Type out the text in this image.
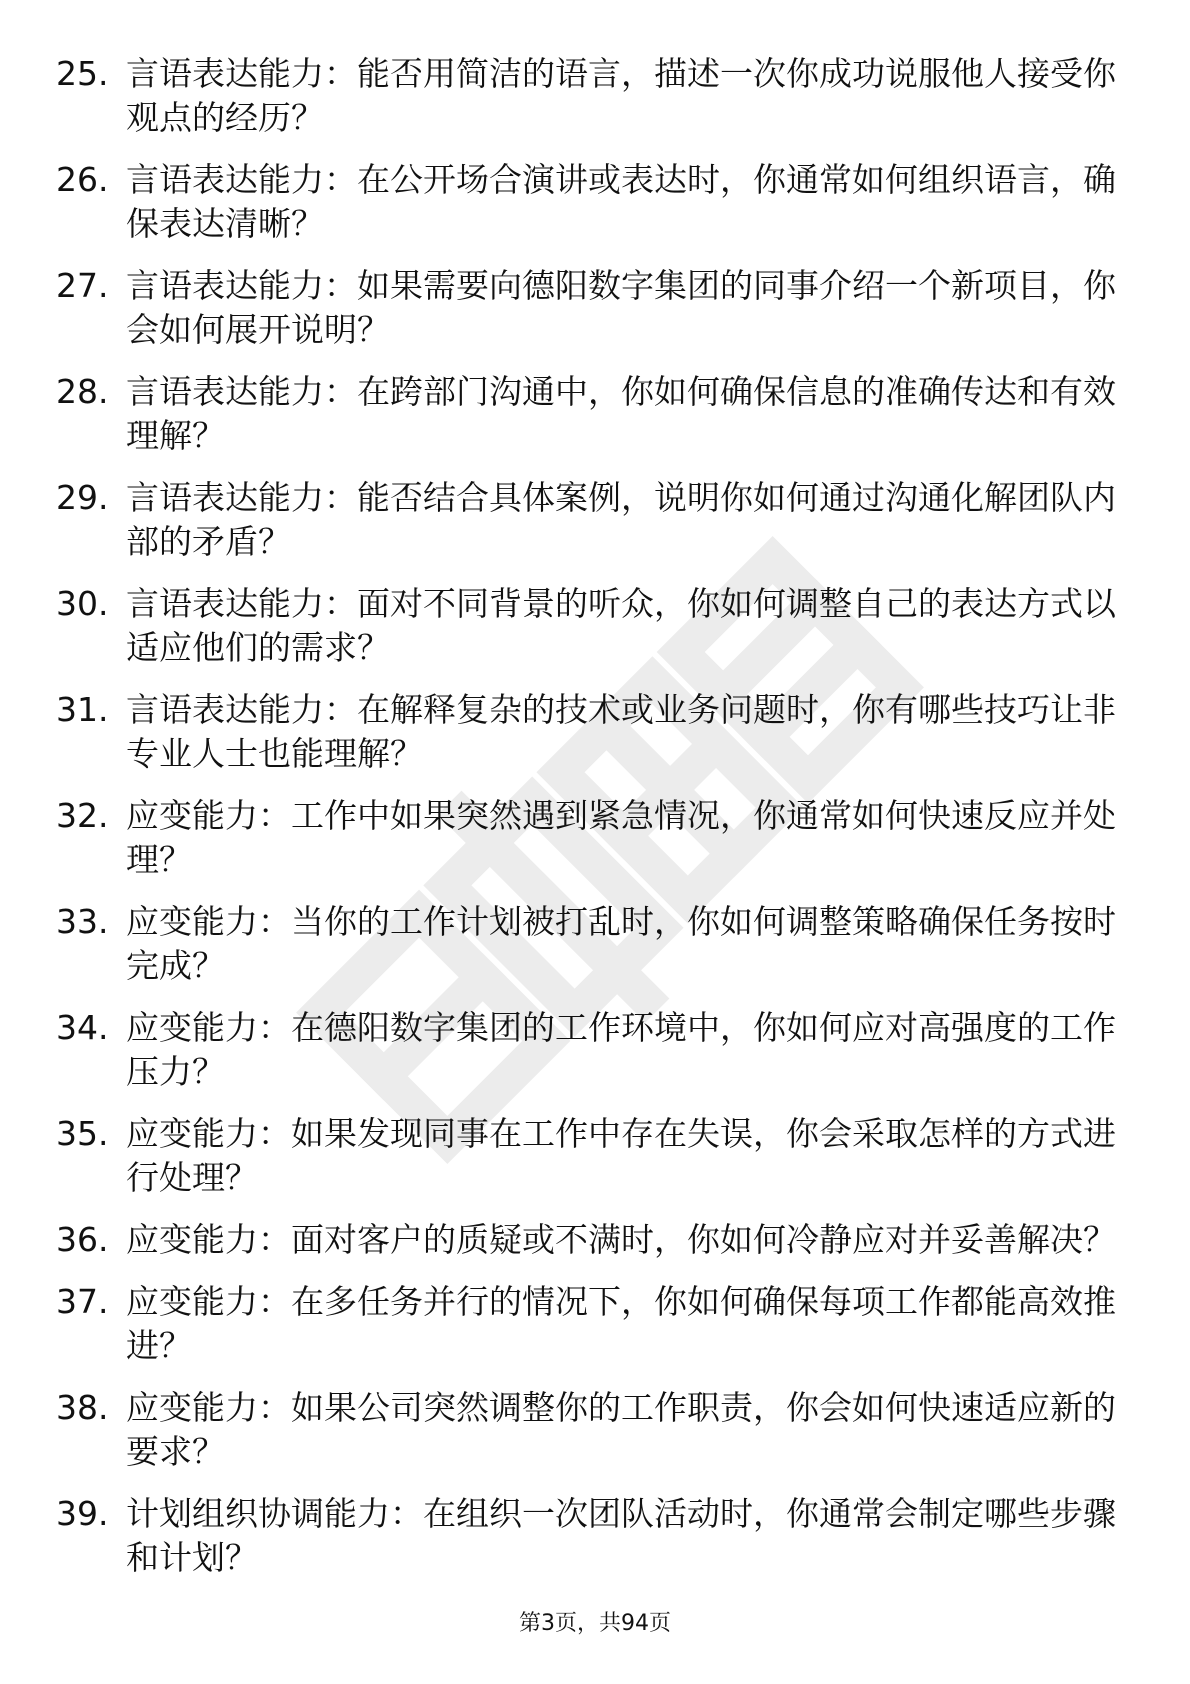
25. 言语表达能力：能否用简洁的语言，描述一次你成功说服他人接受你观点的经历？
26. 言语表达能力：在公开场合演讲或表达时，你通常如何组织语言，确保表达清晰？
27. 言语表达能力：如果需要向德阳数字集团的同事介绍一个新项目，你会如何展开说明？
28. 言语表达能力：在跨部门沟通中，你如何确保信息的准确传达和有效理解？
29. 言语表达能力：能否结合具体案例，说明你如何通过沟通化解团队内部的矛盾？
30. 言语表达能力：面对不同背景的听众，你如何调整自己的表达方式以适应他们的需求？
31. 言语表达能力：在解释复杂的技术或业务问题时，你有哪些技巧让非专业人士也能理解？
32. 应变能力：工作中如果突然遇到紧急情况，你通常如何快速反应并处理？
33. 应变能力：当你的工作计划被打乱时，你如何调整策略确保任务按时完成？
34. 应变能力：在德阳数字集团的工作环境中，你如何应对高强度的工作压力？
35. 应变能力：如果发现同事在工作中存在失误，你会采取怎样的方式进行处理？
36. 应变能力：面对客户的质疑或不满时，你如何冷静应对并妥善解决？
37. 应变能力：在多任务并行的情况下，你如何确保每项工作都能高效推进？
38. 应变能力：如果公司突然调整你的工作职责，你会如何快速适应新的要求？
39. 计划组织协调能力：在组织一次团队活动时，你通常会制定哪些步骤和计划？
第3页，共94页
